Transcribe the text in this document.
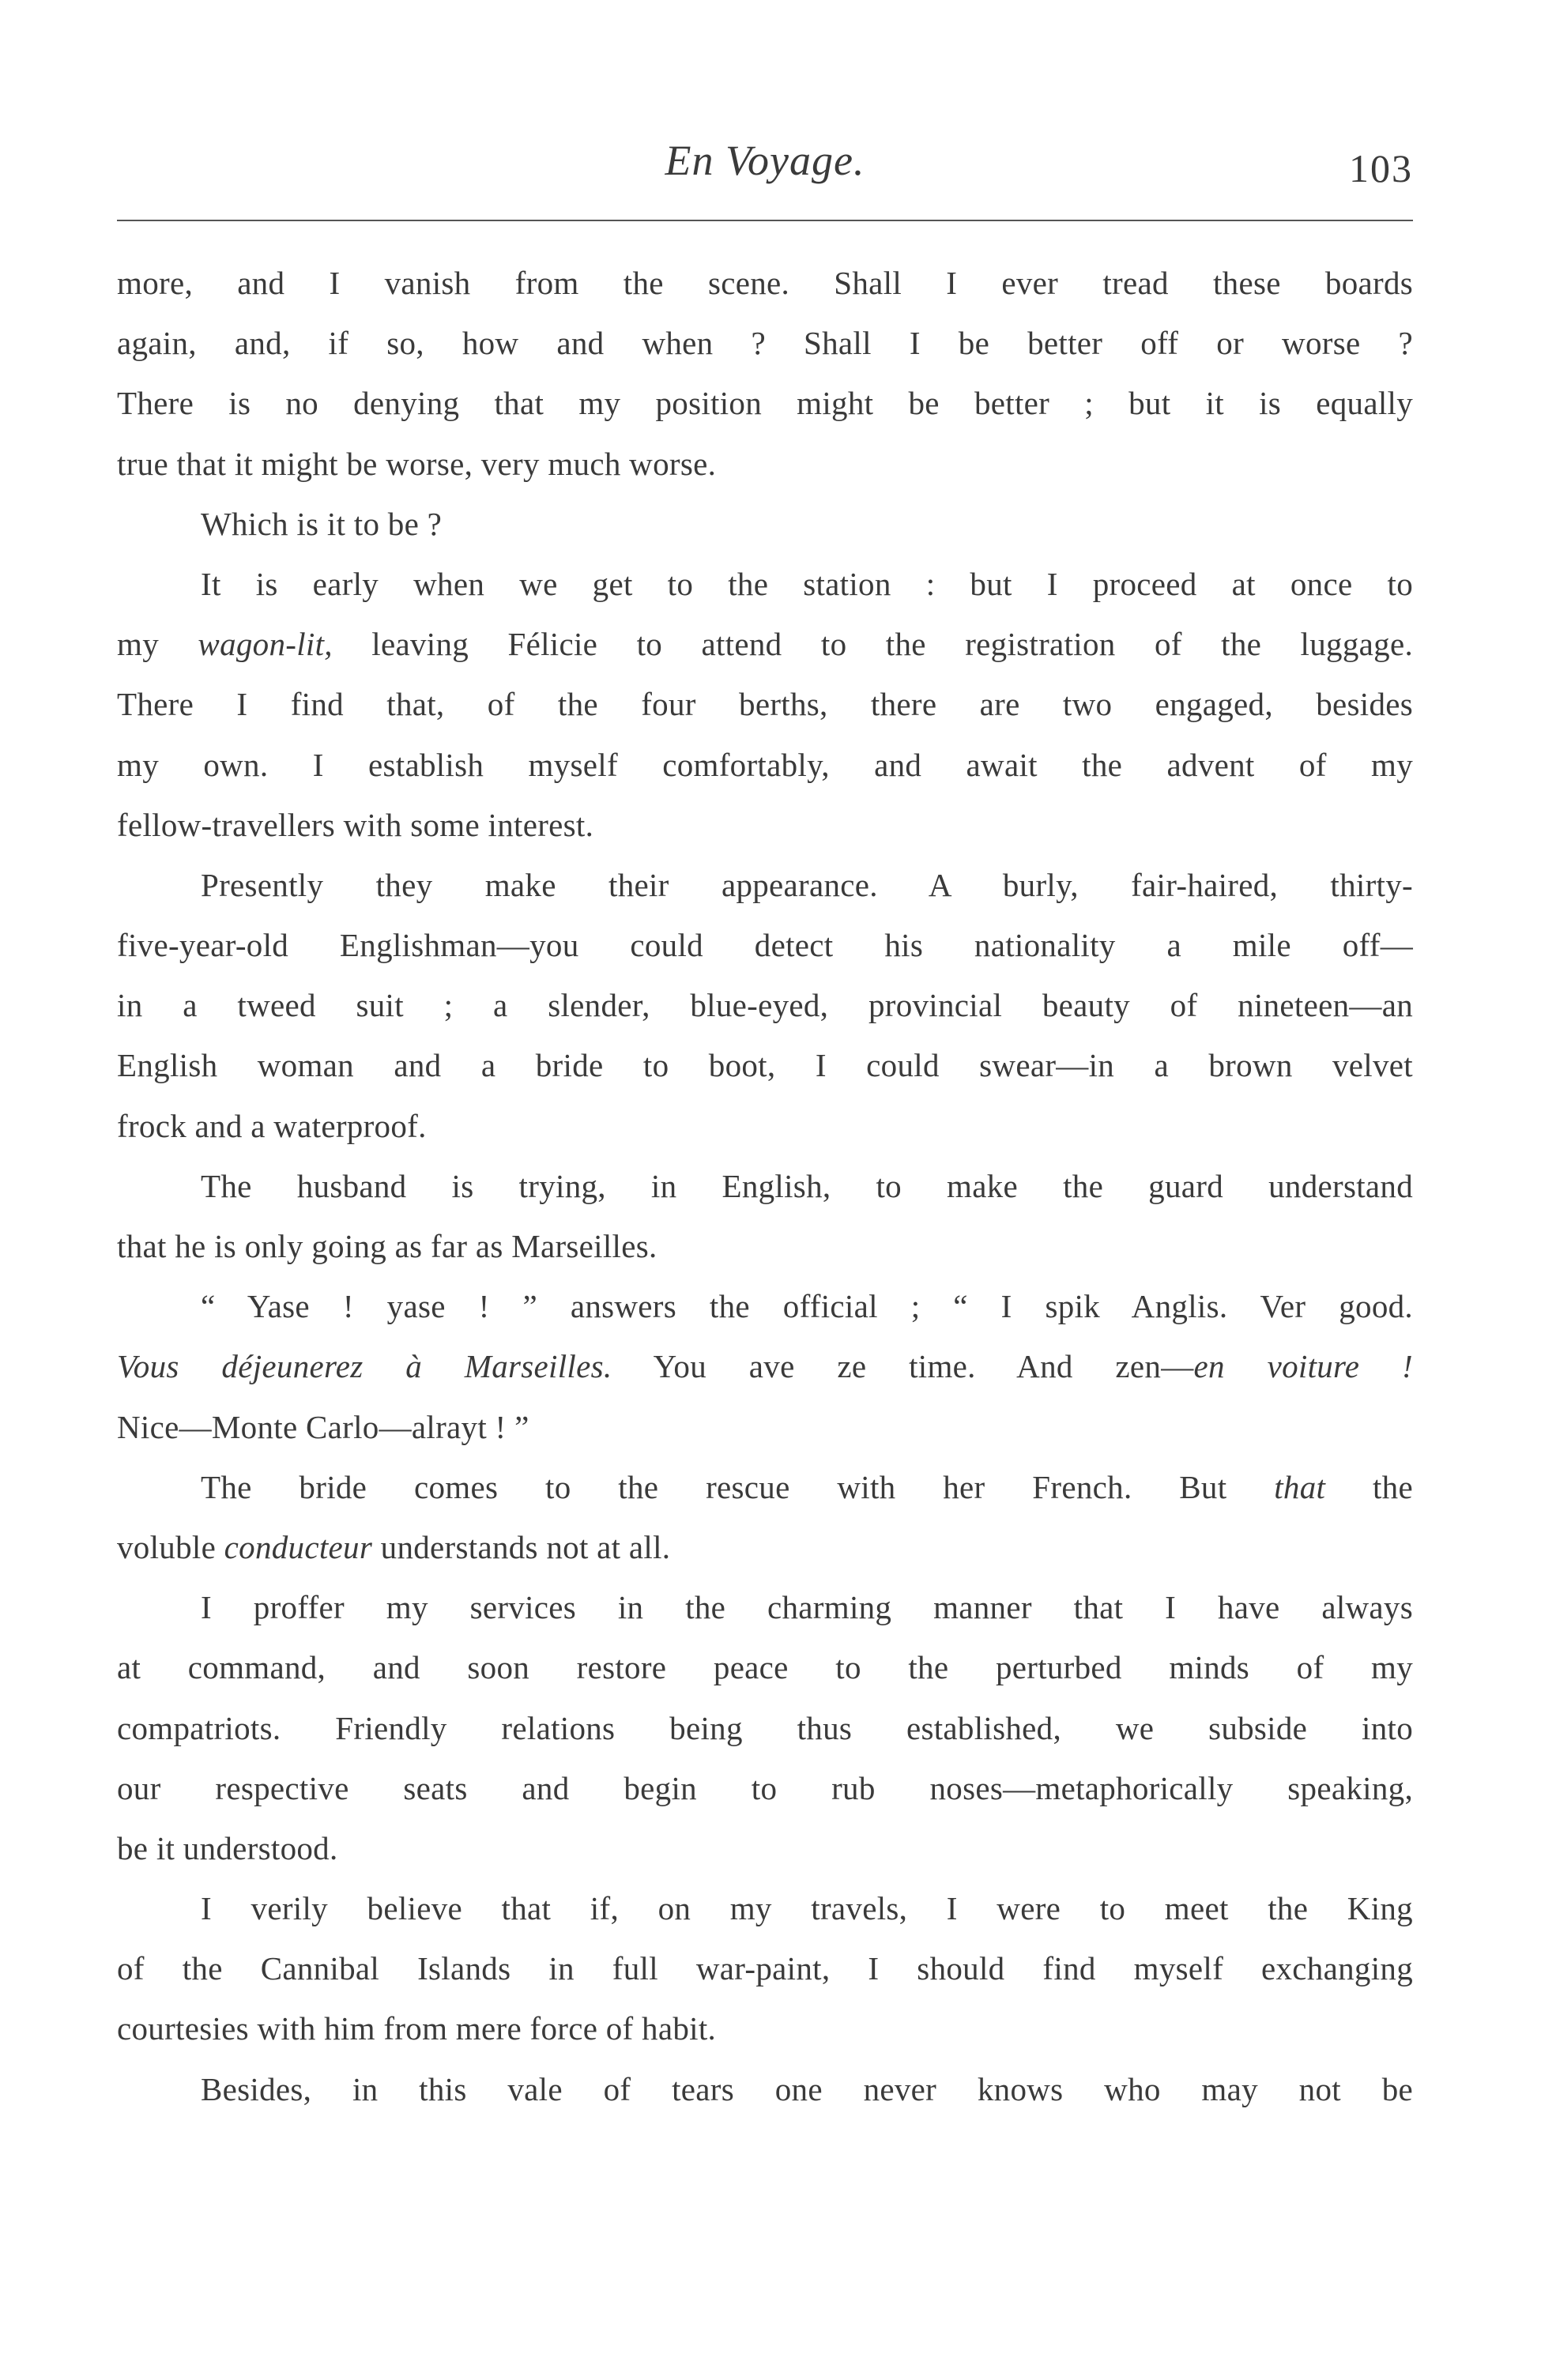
En Voyage.	103
more, and I vanish from the scene. Shall I ever tread these boards
again, and, if so, how and when ? Shall I be better off or worse ?
There is no denying that my position might be better ; but it is equally
true that it might be worse, very much worse.
Which is it to be ?
It is early when we get to the station : but I proceed at once to
my wagon-lit, leaving Félicie to attend to the registration of the luggage.
There I find that, of the four berths, there are two engaged, besides
my own. I establish myself comfortably, and await the advent of my
fellow-travellers with some interest.
Presently they make their appearance. A burly, fair-haired, thirty-
five-year-old Englishman—you could detect his nationality a mile off—
in a tweed suit ; a slender, blue-eyed, provincial beauty of nineteen—an
English woman and a bride to boot, I could swear—in a brown velvet
frock and a waterproof.
The husband is trying, in English, to make the guard understand
that he is only going as far as Marseilles.
“ Yase ! yase ! ” answers the official ; “ I spik Anglis. Ver good.
Vous déjeunerez à Marseilles. You ave ze time. And zen—en voiture !
Nice—Monte Carlo—alrayt ! ”
The bride comes to the rescue with her French. But that the
voluble conducteur understands not at all.
I proffer my services in the charming manner that I have always
at command, and soon restore peace to the perturbed minds of my
compatriots. Friendly relations being thus established, we subside into
our respective seats and begin to rub noses—metaphorically speaking,
be it understood.
I verily believe that if, on my travels, I were to meet the King
of the Cannibal Islands in full war-paint, I should find myself exchanging
courtesies with him from mere force of habit.
Besides, in this vale of tears one never knows who may not be
